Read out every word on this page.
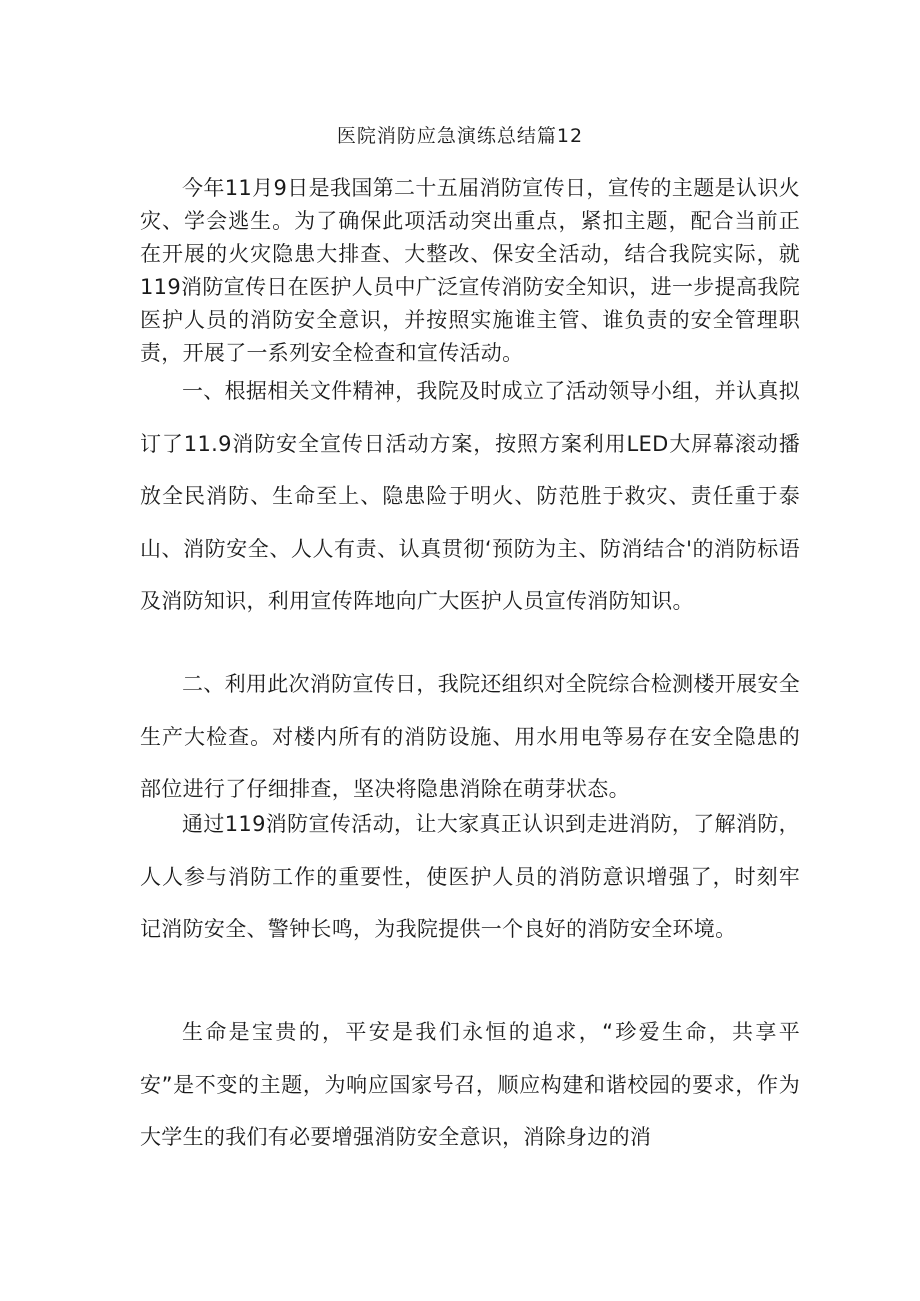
医院消防应急演练总结篇12

今年11月9日是我国第二十五届消防宣传日，宣传的主题是认识火灾、学会逃生。为了确保此项活动突出重点，紧扣主题，配合当前正在开展的火灾隐患大排查、大整改、保安全活动，结合我院实际，就119消防宣传日在医护人员中广泛宣传消防安全知识，进一步提高我院医护人员的消防安全意识，并按照实施谁主管、谁负责的安全管理职责，开展了一系列安全检查和宣传活动。

一、根据相关文件精神，我院及时成立了活动领导小组，并认真拟订了11.9消防安全宣传日活动方案，按照方案利用LED大屏幕滚动播放全民消防、生命至上、隐患险于明火、防范胜于救灾、责任重于泰山、消防安全、人人有责、认真贯彻‘预防为主、防消结合'的消防标语及消防知识，利用宣传阵地向广大医护人员宣传消防知识。

二、利用此次消防宣传日，我院还组织对全院综合检测楼开展安全生产大检查。对楼内所有的消防设施、用水用电等易存在安全隐患的部位进行了仔细排查，坚决将隐患消除在萌芽状态。

通过119消防宣传活动，让大家真正认识到走进消防，了解消防，人人参与消防工作的重要性，使医护人员的消防意识增强了，时刻牢记消防安全、警钟长鸣，为我院提供一个良好的消防安全环境。

生命是宝贵的，平安是我们永恒的追求，“珍爱生命，共享平安”是不变的主题，为响应国家号召，顺应构建和谐校园的要求，作为大学生的我们有必要增强消防安全意识，消除身边的消
